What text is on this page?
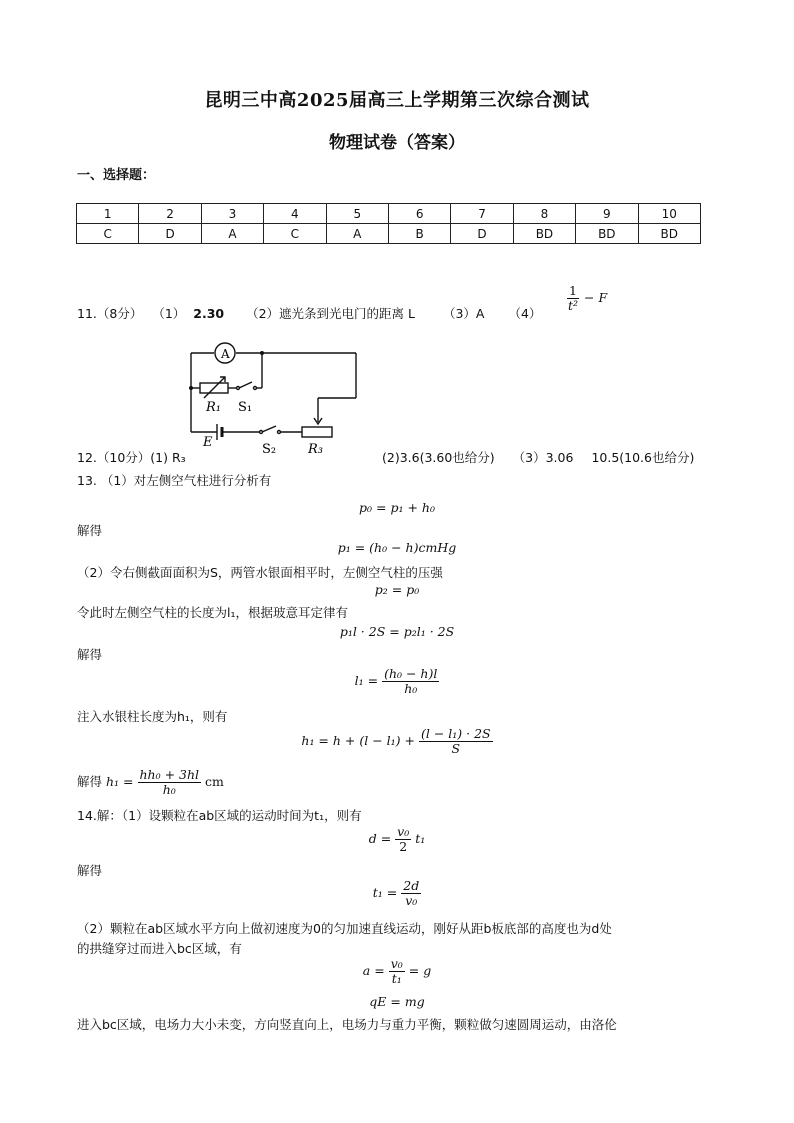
昆明三中高2025届高三上学期第三次综合测试
物理试卷（答案）
一、选择题：
1	2	3	4	5	6	7	8	9	10
C	D	A	C	A	B	D	BD	BD	BD
11.（8分） （1） 2.30 （2）遮光条到光电门的距离 L （3）A （4）
$\frac{1}{\text{t²}} - F$
A
R₁ S₁
E	S₂ R₃
12.（10分）(1) R₃	(2)3.6(3.60也给分) （3）3.06 10.5(10.6也给分)
13. （1）对左侧空气柱进行分析有
p₀ = p₁ + h₀
解得
p₁ = (h₀ − h)cmHg
（2）令右侧截面面积为S，两管水银面相平时，左侧空气柱的压强
p₂ = p₀
令此时左侧空气柱的长度为l₁，根据玻意耳定律有
p₁l · 2S = p₂l₁ · 2S
解得
$l_1 = \frac{\text{(h₀ − h)l}}{\text{h₀}}$
注入水银柱长度为h₁，则有
$h_1 = h + (l - l_1) + \frac{\text{(l − l₁) · 2S}}{S}$
解得 $h_1 = \frac{\text{hh₀ + 3hl}}{\text{h₀}}$ cm
14.解：（1）设颗粒在ab区域的运动时间为t₁，则有
$d = \frac{\text{v₀}}{2} t_1$
解得
$t_1 = \frac{2d}{\text{v₀}}$
（2）颗粒在ab区域水平方向上做初速度为0的匀加速直线运动，刚好从距b板底部的高度也为d处
的拱缝穿过而进入bc区域，有
$a = \frac{\text{v₀}}{\text{t₁}} = g$
qE = mg
进入bc区域，电场力大小未变，方向竖直向上，电场力与重力平衡，颗粒做匀速圆周运动，由洛伦
